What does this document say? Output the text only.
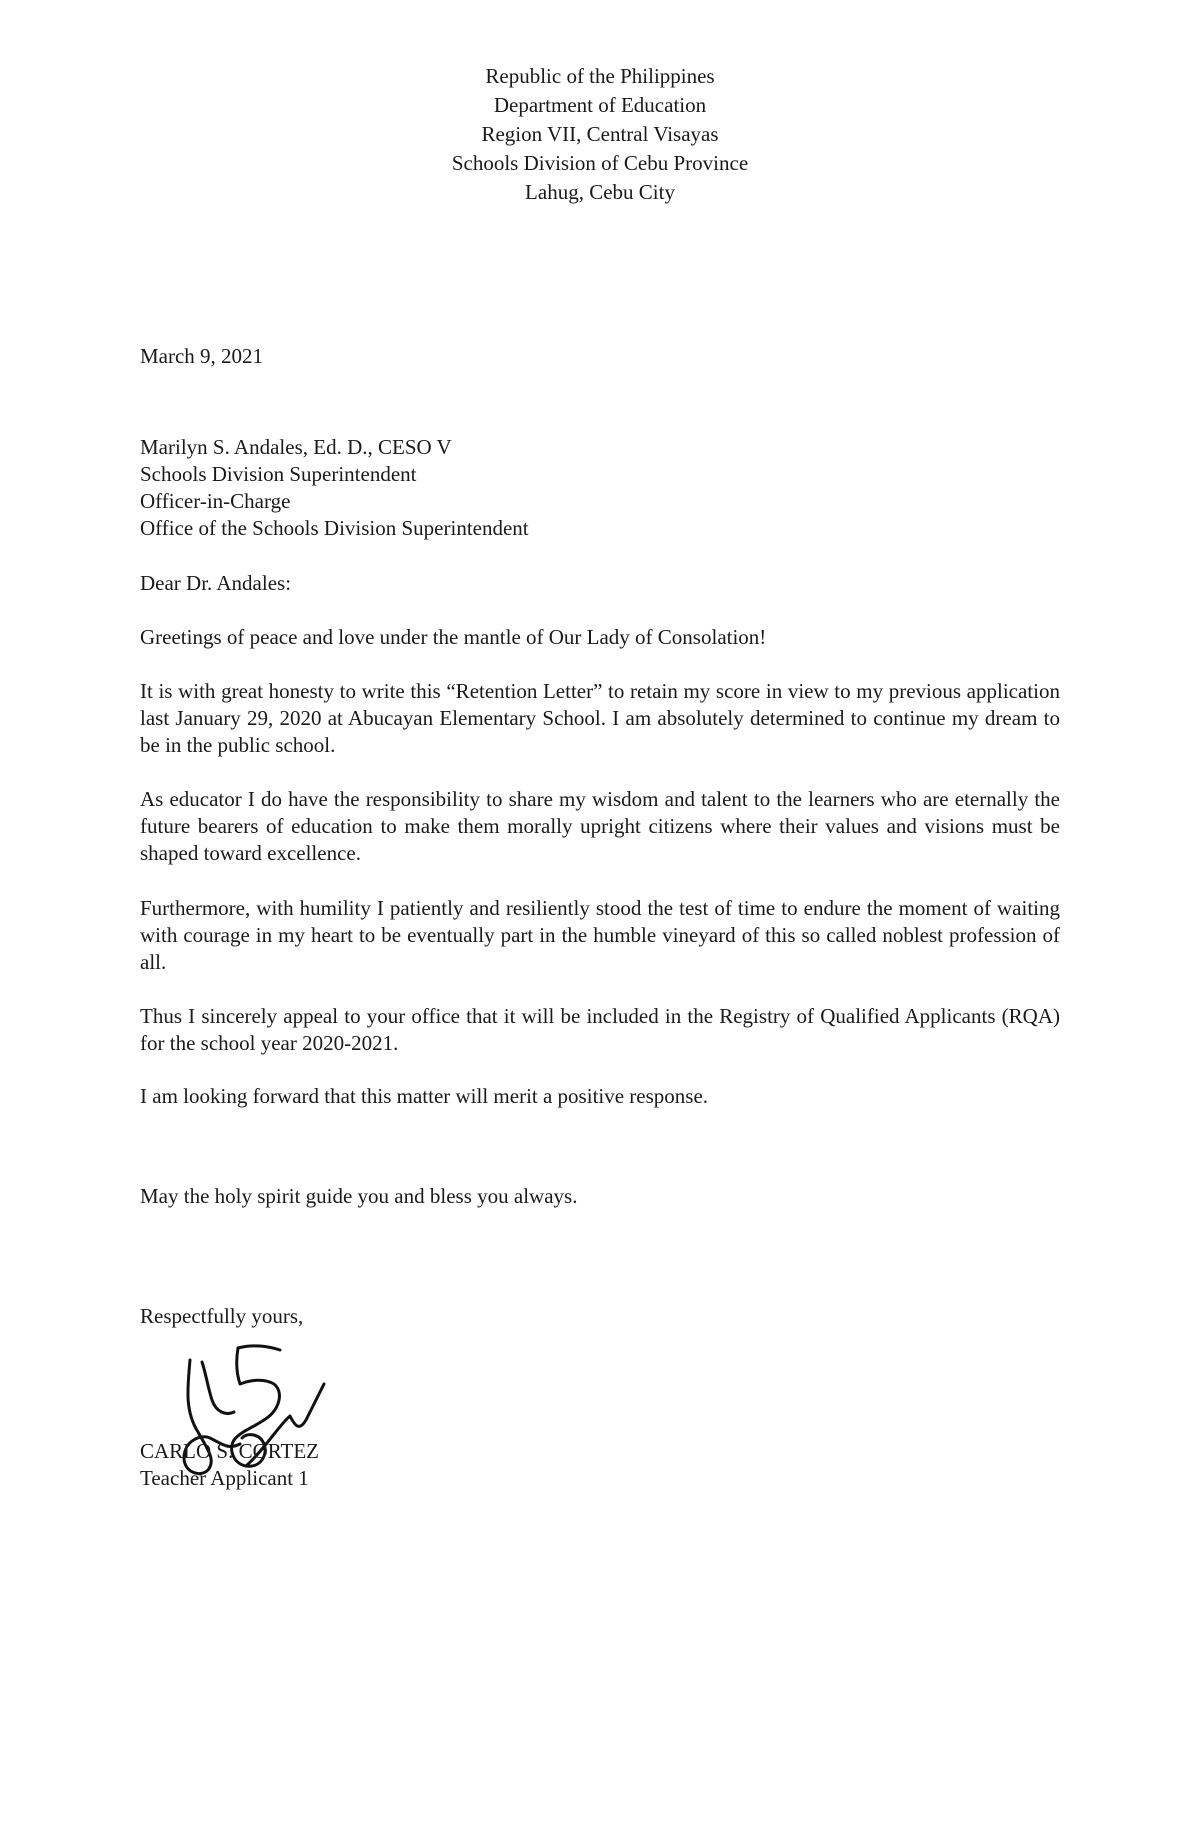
Republic of the Philippines
Department of Education
Region VII, Central Visayas
Schools Division of Cebu Province
Lahug, Cebu City
March 9, 2021
Marilyn S. Andales, Ed. D., CESO V
Schools Division Superintendent
Officer-in-Charge
Office of the Schools Division Superintendent
Dear Dr. Andales:
Greetings of peace and love under the mantle of Our Lady of Consolation!
It is with great honesty to write this “Retention Letter” to retain my score in view to my previous application last January 29, 2020 at Abucayan Elementary School. I am absolutely determined to continue my dream to be in the public school.
As educator I do have the responsibility to share my wisdom and talent to the learners who are eternally the future bearers of education to make them morally upright citizens where their values and visions must be shaped toward excellence.
Furthermore, with humility I patiently and resiliently stood the test of time to endure the moment of waiting with courage in my heart to be eventually part in the humble vineyard of this so called noblest profession of all.
Thus I sincerely appeal to your office that it will be included in the Registry of Qualified Applicants (RQA) for the school year 2020-2021.
I am looking forward that this matter will merit a positive response.
May the holy spirit guide you and bless you always.
Respectfully yours,
CARLO S. CORTEZ
Teacher Applicant 1
